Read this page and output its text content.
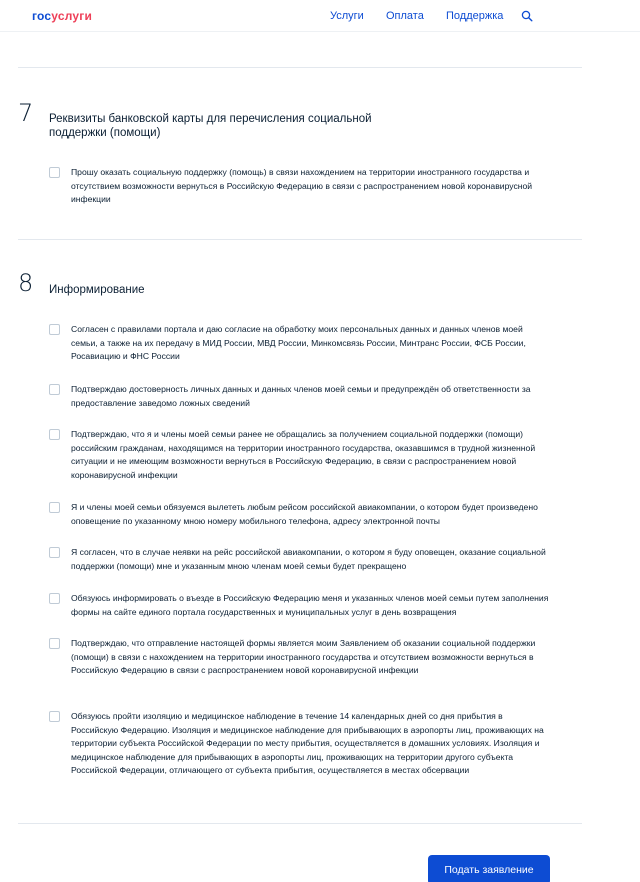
госуслуги	Услуги Оплата Поддержка
7 Реквизиты банковской карты для перечисления социальной поддержки (помощи)
Прошу оказать социальную поддержку (помощь) в связи нахождением на территории иностранного государства и отсутствием возможности вернуться в Российскую Федерацию в связи с распространением новой коронавирусной инфекции
8 Информирование
Согласен с правилами портала и даю согласие на обработку моих персональных данных и данных членов моей семьи, а также на их передачу в МИД России, МВД России, Минкомсвязь России, Минтранс России, ФСБ России, Росавиацию и ФНС России
Подтверждаю достоверность личных данных и данных членов моей семьи и предупреждён об ответственности за предоставление заведомо ложных сведений
Подтверждаю, что я и члены моей семьи ранее не обращались за получением социальной поддержки (помощи) российским гражданам, находящимся на территории иностранного государства, оказавшимся в трудной жизненной ситуации и не имеющим возможности вернуться в Российскую Федерацию, в связи с распространением новой коронавирусной инфекции
Я и члены моей семьи обязуемся вылететь любым рейсом российской авиакомпании, о котором будет произведено оповещение по указанному мною номеру мобильного телефона, адресу электронной почты
Я согласен, что в случае неявки на рейс российской авиакомпании, о котором я буду оповещен, оказание социальной поддержки (помощи) мне и указанным мною членам моей семьи будет прекращено
Обязуюсь информировать о въезде в Российскую Федерацию меня и указанных членов моей семьи путем заполнения формы на сайте единого портала государственных и муниципальных услуг в день возвращения
Подтверждаю, что отправление настоящей формы является моим Заявлением об оказании социальной поддержки (помощи) в связи с нахождением на территории иностранного государства и отсутствием возможности вернуться в Российскую Федерацию в связи с распространением новой коронавирусной инфекции
Обязуюсь пройти изоляцию и медицинское наблюдение в течение 14 календарных дней со дня прибытия в Российскую Федерацию. Изоляция и медицинское наблюдение для прибывающих в аэропорты лиц, проживающих на территории субъекта Российской Федерации по месту прибытия, осуществляется в домашних условиях. Изоляция и медицинское наблюдение для прибывающих в аэропорты лиц, проживающих на территории другого субъекта Российской Федерации, отличающего от субъекта прибытия, осуществляется в местах обсервации
Подать заявление
